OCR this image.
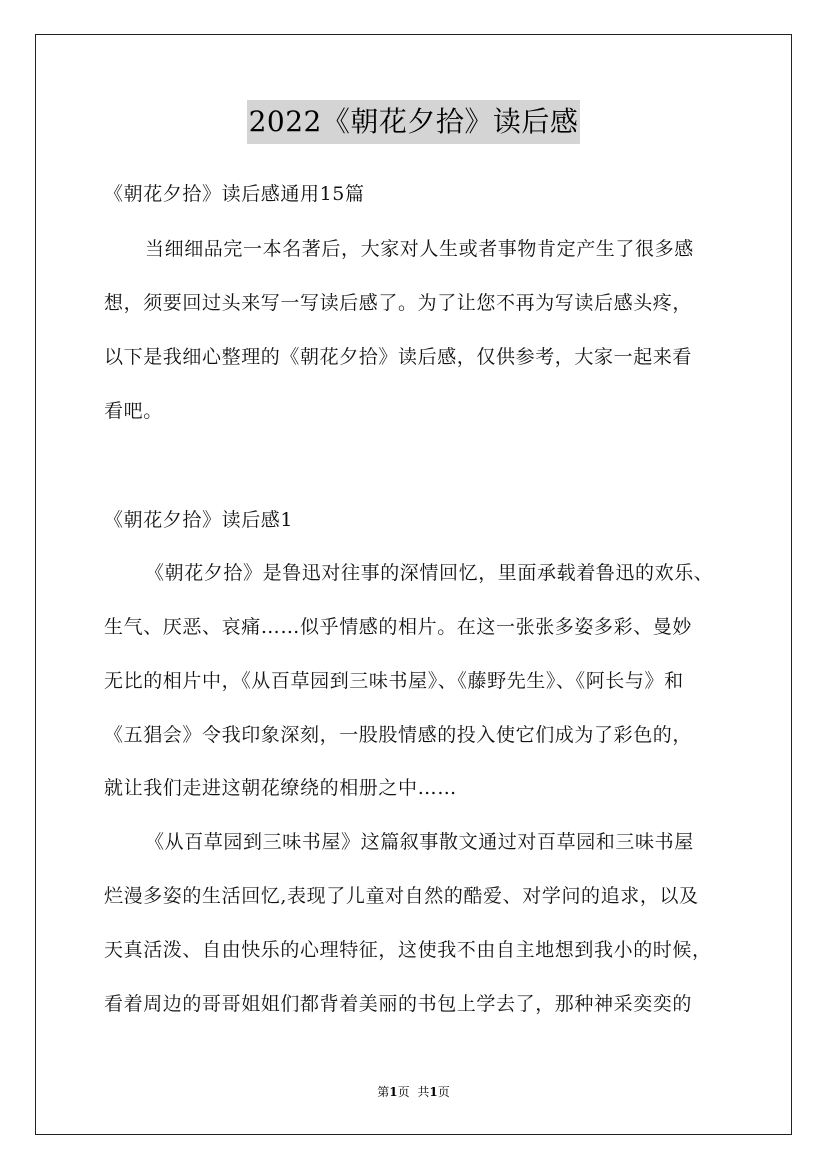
2022《朝花夕拾》读后感
《朝花夕拾》读后感通用15篇
当细细品完一本名著后，大家对人生或者事物肯定产生了很多感
想，须要回过头来写一写读后感了。为了让您不再为写读后感头疼，
以下是我细心整理的《朝花夕拾》读后感，仅供参考，大家一起来看
看吧。
《朝花夕拾》读后感1
《朝花夕拾》是鲁迅对往事的深情回忆，里面承载着鲁迅的欢乐、
生气、厌恶、哀痛……似乎情感的相片。在这一张张多姿多彩、曼妙
无比的相片中，《从百草园到三味书屋》、《藤野先生》、《阿长与》和
《五猖会》令我印象深刻，一股股情感的投入使它们成为了彩色的，
就让我们走进这朝花缭绕的相册之中……
《从百草园到三味书屋》这篇叙事散文通过对百草园和三味书屋
烂漫多姿的生活回忆,表现了儿童对自然的酷爱、对学问的追求，以及
天真活泼、自由快乐的心理特征，这使我不由自主地想到我小的时候，
看着周边的哥哥姐姐们都背着美丽的书包上学去了，那种神采奕奕的
第1页 共1页
